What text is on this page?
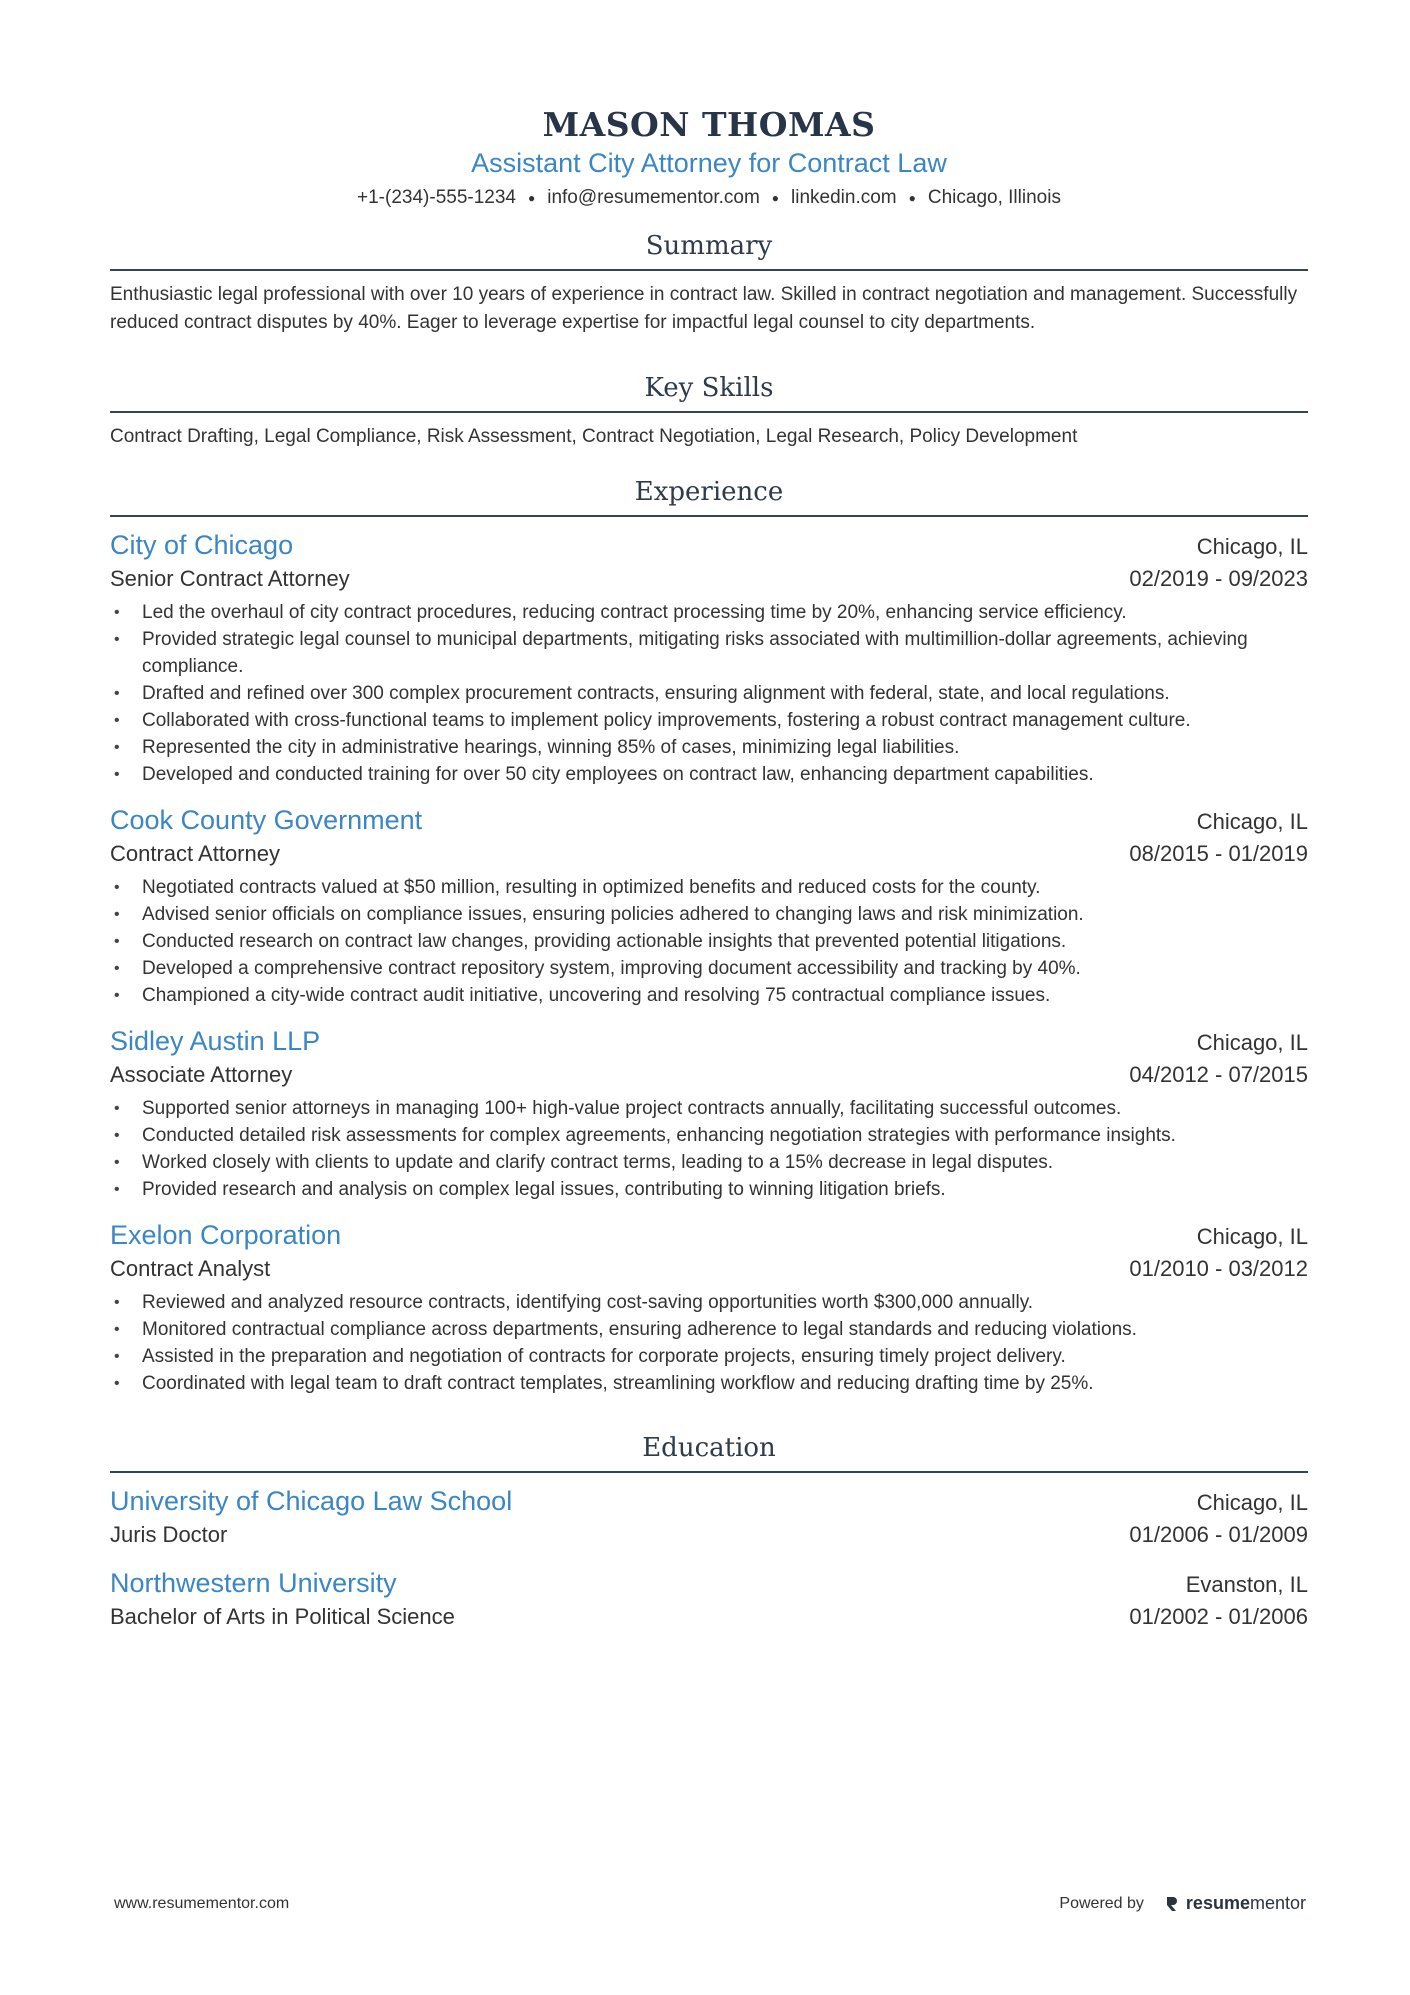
MASON THOMAS
Assistant City Attorney for Contract Law
+1-(234)-555-1234 ● info@resumementor.com ● linkedin.com ● Chicago, Illinois
Summary
Enthusiastic legal professional with over 10 years of experience in contract law. Skilled in contract negotiation and management. Successfully reduced contract disputes by 40%. Eager to leverage expertise for impactful legal counsel to city departments.
Key Skills
Contract Drafting, Legal Compliance, Risk Assessment, Contract Negotiation, Legal Research, Policy Development
Experience
City of Chicago	Chicago, IL
Senior Contract Attorney	02/2019 - 09/2023
• Led the overhaul of city contract procedures, reducing contract processing time by 20%, enhancing service efficiency.
• Provided strategic legal counsel to municipal departments, mitigating risks associated with multimillion-dollar agreements, achieving compliance.
• Drafted and refined over 300 complex procurement contracts, ensuring alignment with federal, state, and local regulations.
• Collaborated with cross-functional teams to implement policy improvements, fostering a robust contract management culture.
• Represented the city in administrative hearings, winning 85% of cases, minimizing legal liabilities.
• Developed and conducted training for over 50 city employees on contract law, enhancing department capabilities.
Cook County Government	Chicago, IL
Contract Attorney	08/2015 - 01/2019
• Negotiated contracts valued at $50 million, resulting in optimized benefits and reduced costs for the county.
• Advised senior officials on compliance issues, ensuring policies adhered to changing laws and risk minimization.
• Conducted research on contract law changes, providing actionable insights that prevented potential litigations.
• Developed a comprehensive contract repository system, improving document accessibility and tracking by 40%.
• Championed a city-wide contract audit initiative, uncovering and resolving 75 contractual compliance issues.
Sidley Austin LLP	Chicago, IL
Associate Attorney	04/2012 - 07/2015
• Supported senior attorneys in managing 100+ high-value project contracts annually, facilitating successful outcomes.
• Conducted detailed risk assessments for complex agreements, enhancing negotiation strategies with performance insights.
• Worked closely with clients to update and clarify contract terms, leading to a 15% decrease in legal disputes.
• Provided research and analysis on complex legal issues, contributing to winning litigation briefs.
Exelon Corporation	Chicago, IL
Contract Analyst	01/2010 - 03/2012
• Reviewed and analyzed resource contracts, identifying cost-saving opportunities worth $300,000 annually.
• Monitored contractual compliance across departments, ensuring adherence to legal standards and reducing violations.
• Assisted in the preparation and negotiation of contracts for corporate projects, ensuring timely project delivery.
• Coordinated with legal team to draft contract templates, streamlining workflow and reducing drafting time by 25%.
Education
University of Chicago Law School	Chicago, IL
Juris Doctor	01/2006 - 01/2009
Northwestern University	Evanston, IL
Bachelor of Arts in Political Science	01/2002 - 01/2006
www.resumementor.com	Powered by resumementor
